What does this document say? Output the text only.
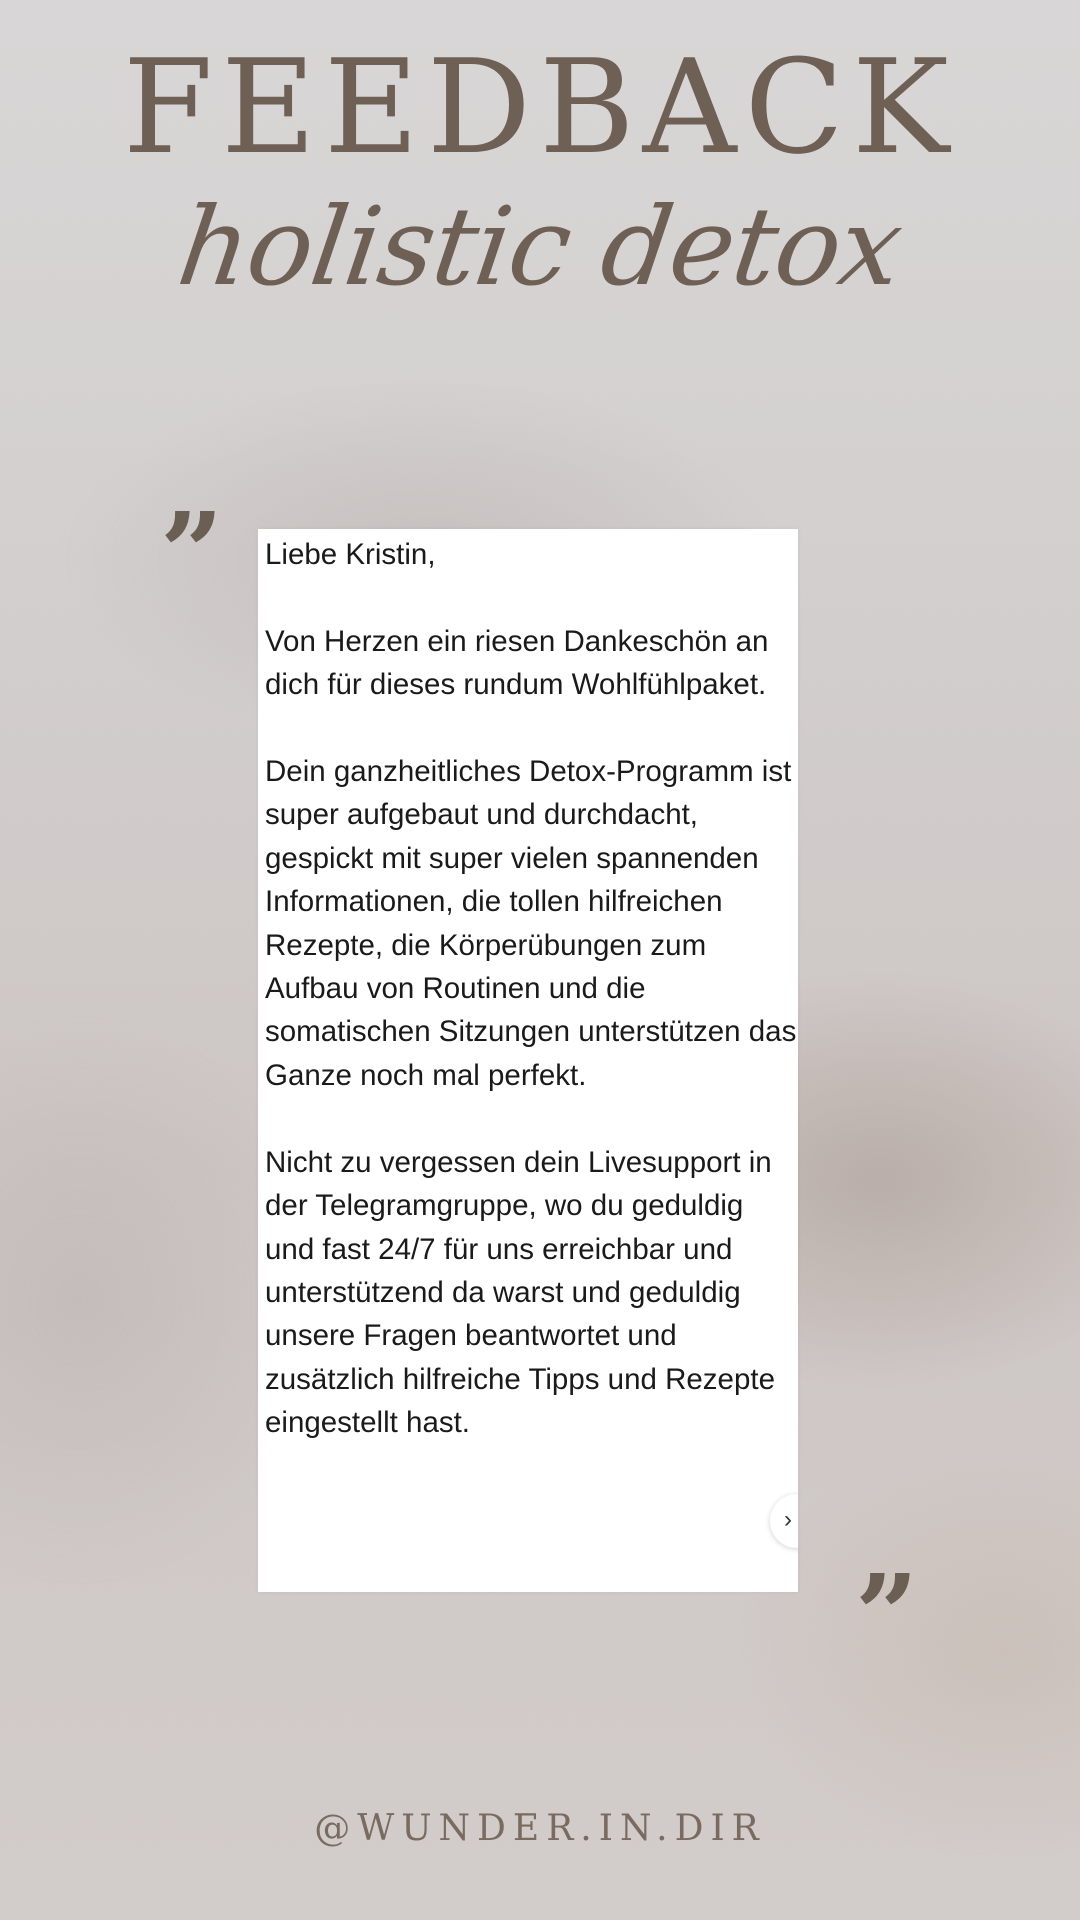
FEEDBACK
holistic detox
” Liebe Kristin,

Von Herzen ein riesen Dankeschön an dich für dieses rundum Wohlfühlpaket.

Dein ganzheitliches Detox-Programm ist super aufgebaut und durchdacht, gespickt mit super vielen spannenden Informationen, die tollen hilfreichen Rezepte, die Körperübungen zum Aufbau von Routinen und die somatischen Sitzungen unterstützen das Ganze noch mal perfekt.

Nicht zu vergessen dein Livesupport in der Telegramgruppe, wo du geduldig und fast 24/7 für uns erreichbar und unterstützend da warst und geduldig unsere Fragen beantwortet und zusätzlich hilfreiche Tipps und Rezepte eingestellt hast.

›
”
@WUNDER.IN.DIR
